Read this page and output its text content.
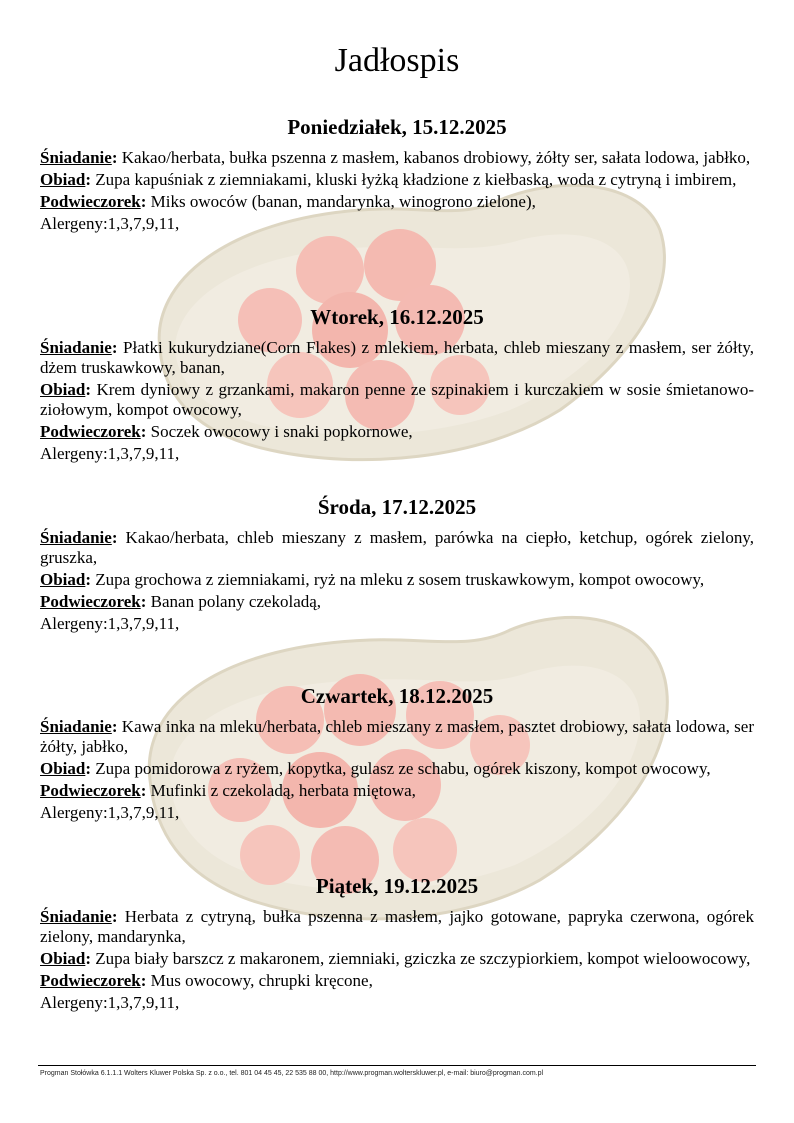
Jadłospis
Poniedziałek, 15.12.2025
Śniadanie: Kakao/herbata, bułka pszenna z masłem, kabanos drobiowy, żółty ser, sałata lodowa, jabłko,
Obiad: Zupa kapuśniak z ziemniakami, kluski łyżką kładzione z kiełbaską, woda z cytryną i imbirem,
Podwieczorek: Miks owoców (banan, mandarynka, winogrono zielone),
Alergeny:1,3,7,9,11,
Wtorek, 16.12.2025
Śniadanie: Płatki kukurydziane(Corn Flakes) z mlekiem, herbata, chleb mieszany z masłem, ser żółty, dżem truskawkowy, banan,
Obiad: Krem dyniowy z grzankami, makaron penne ze szpinakiem i kurczakiem w sosie śmietanowo- ziołowym, kompot owocowy,
Podwieczorek: Soczek owocowy i snaki popkornowe,
Alergeny:1,3,7,9,11,
Środa, 17.12.2025
Śniadanie: Kakao/herbata, chleb mieszany z masłem, parówka na ciepło, ketchup, ogórek zielony, gruszka,
Obiad: Zupa grochowa z ziemniakami, ryż na mleku z sosem truskawkowym, kompot owocowy,
Podwieczorek: Banan polany czekoladą,
Alergeny:1,3,7,9,11,
Czwartek, 18.12.2025
Śniadanie: Kawa inka na mleku/herbata, chleb mieszany z masłem, pasztet drobiowy, sałata lodowa, ser żółty, jabłko,
Obiad: Zupa pomidorowa z ryżem, kopytka, gulasz ze schabu, ogórek kiszony, kompot owocowy,
Podwieczorek: Mufinki z czekoladą, herbata miętowa,
Alergeny:1,3,7,9,11,
Piątek, 19.12.2025
Śniadanie: Herbata z cytryną, bułka pszenna z masłem, jajko gotowane, papryka czerwona, ogórek zielony, mandarynka,
Obiad: Zupa biały barszcz z makaronem, ziemniaki, gziczka ze szczypiorkiem, kompot wieloowocowy,
Podwieczorek: Mus owocowy, chrupki kręcone,
Alergeny:1,3,7,9,11,
Progman Stołówka 6.1.1.1 Wolters Kluwer Polska Sp. z o.o., tel. 801 04 45 45, 22 535 88 00, http://www.progman.wolterskluwer.pl, e-mail: biuro@progman.com.pl
